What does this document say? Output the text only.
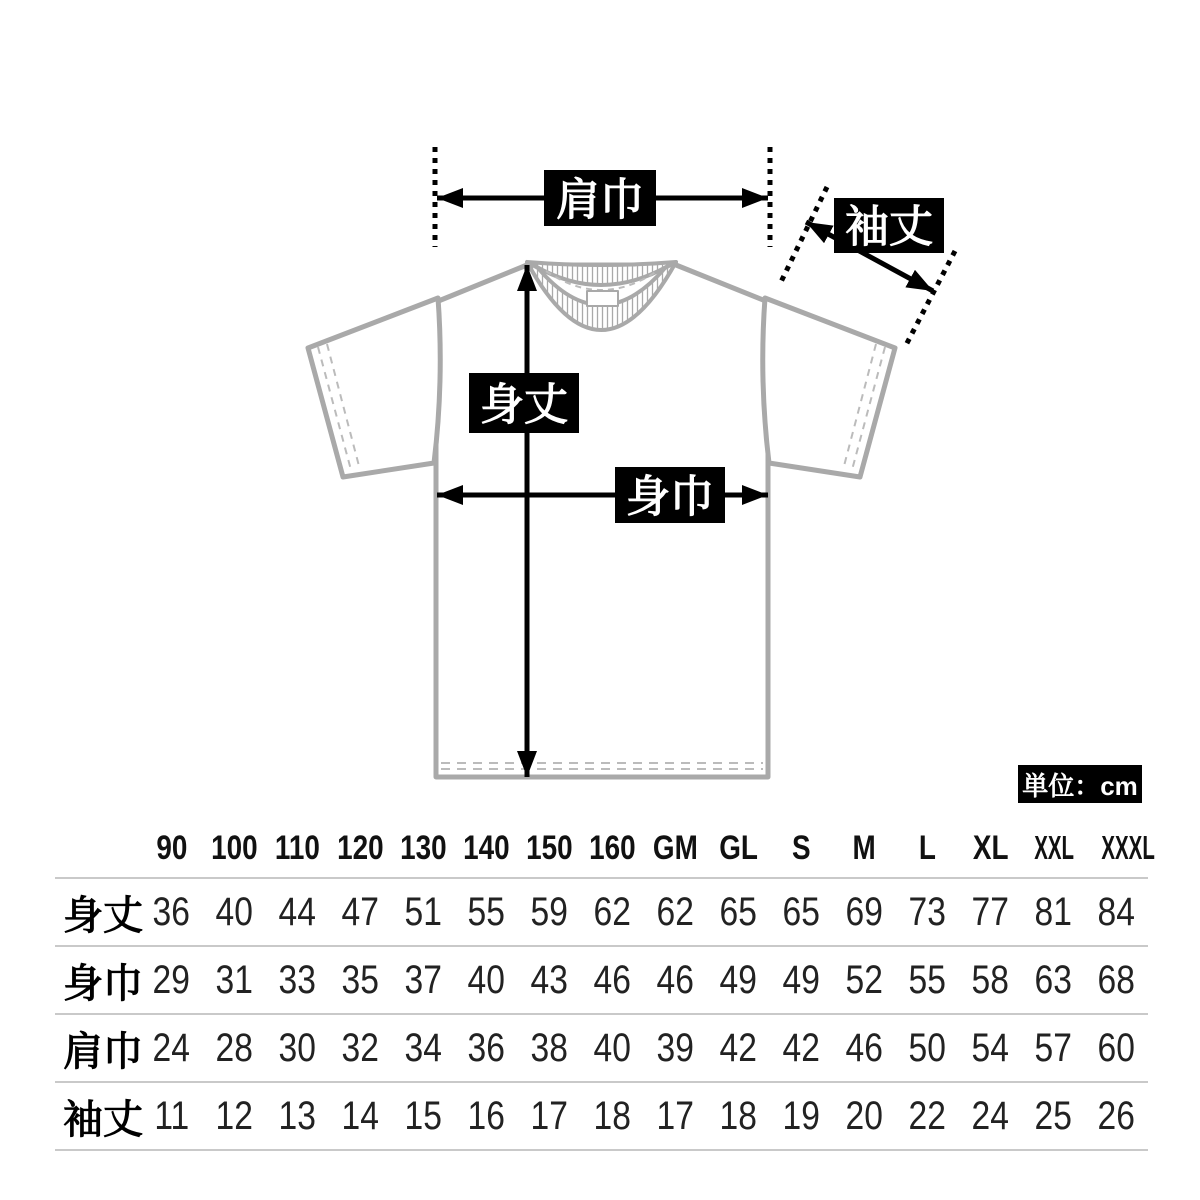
肩巾
袖丈
身丈
身巾
単位：cm
	90	100	110	120	130	140	150	160	GM	GL	S	M	L	XL	XXL	XXXL
身丈	36	40	44	47	51	55	59	62	62	65	65	69	73	77	81	84
身巾	29	31	33	35	37	40	43	46	46	49	49	52	55	58	63	68
肩巾	24	28	30	32	34	36	38	40	39	42	42	46	50	54	57	60
袖丈	11	12	13	14	15	16	17	18	17	18	19	20	22	24	25	26
